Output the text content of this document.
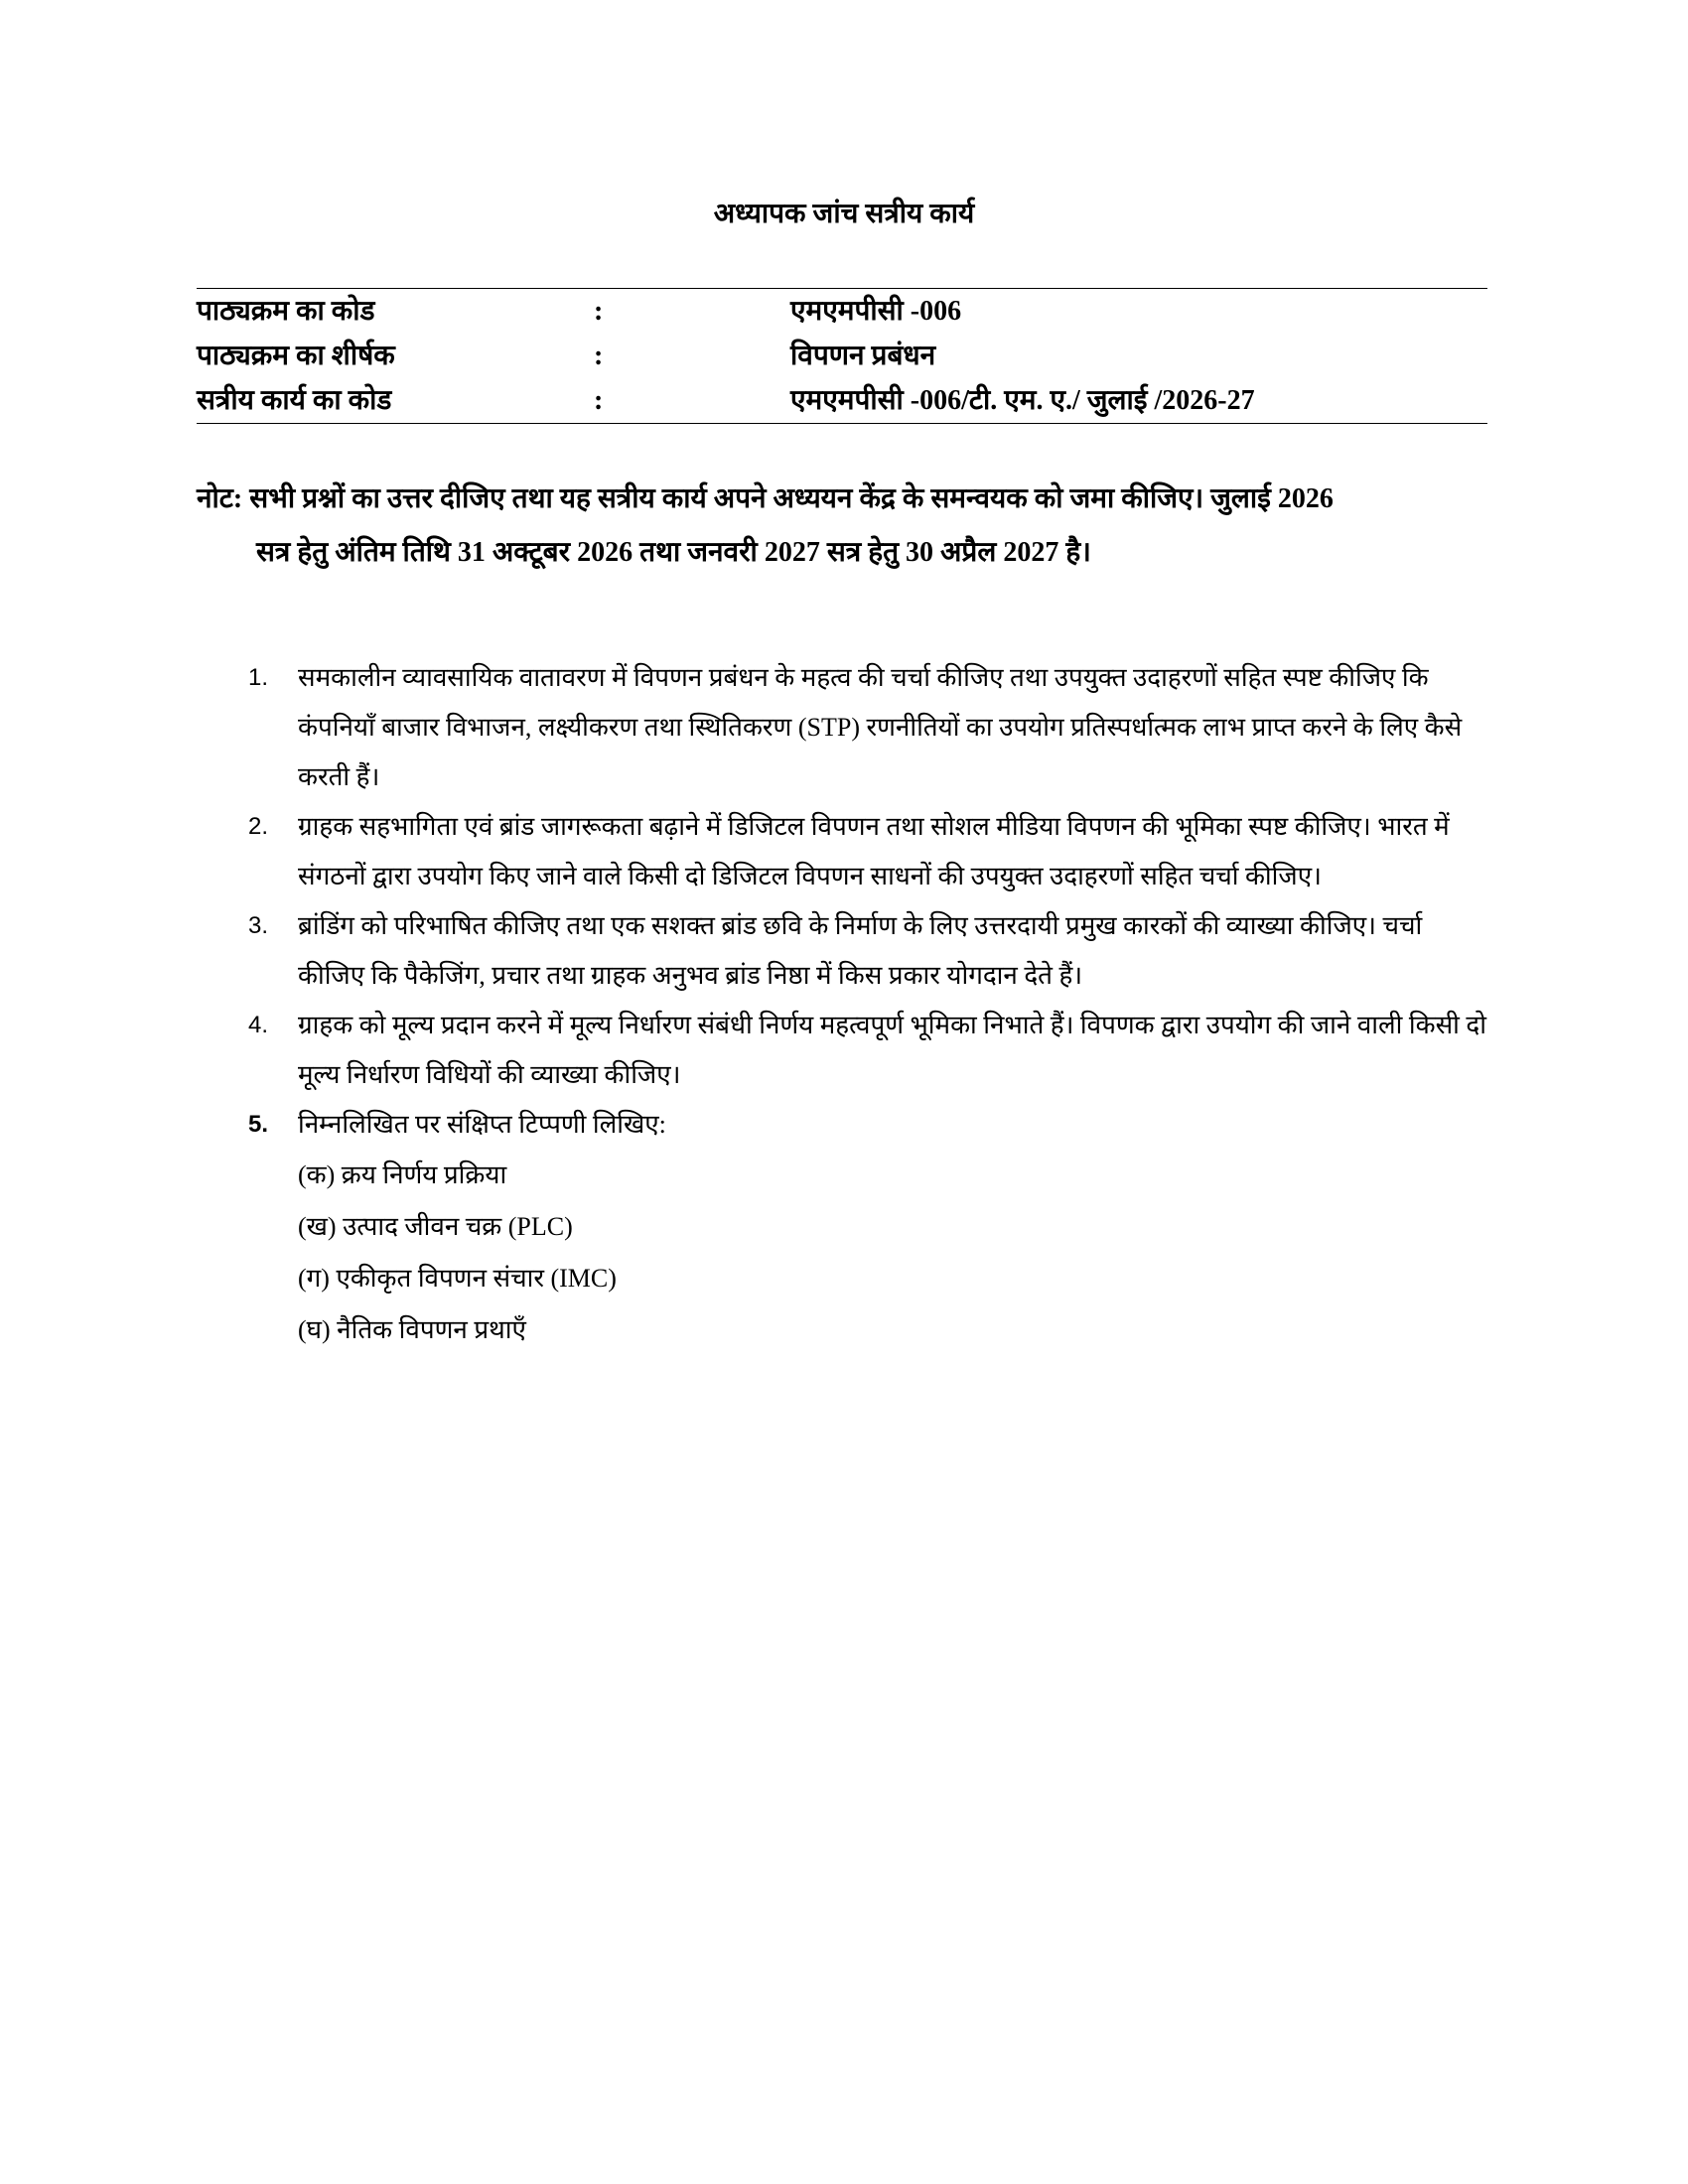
अध्यापक जांच सत्रीय कार्य
पाठ्यक्रम का कोड	:	एमएमपीसी -006
पाठ्यक्रम का शीर्षक	:	विपणन प्रबंधन
सत्रीय कार्य का कोड	:	एमएमपीसी -006/टी. एम. ए./ जुलाई /2026-27
नोट: सभी प्रश्नों का उत्तर दीजिए तथा यह सत्रीय कार्य अपने अध्ययन केंद्र के समन्वयक को जमा कीजिए। जुलाई 2026
सत्र हेतु अंतिम तिथि 31 अक्टूबर 2026 तथा जनवरी 2027 सत्र हेतु 30 अप्रैल 2027 है।
1. समकालीन व्यावसायिक वातावरण में विपणन प्रबंधन के महत्व की चर्चा कीजिए तथा उपयुक्त उदाहरणों सहित स्पष्ट कीजिए कि कंपनियाँ बाजार विभाजन, लक्ष्यीकरण तथा स्थितिकरण (STP) रणनीतियों का उपयोग प्रतिस्पर्धात्मक लाभ प्राप्त करने के लिए कैसे करती हैं।
2. ग्राहक सहभागिता एवं ब्रांड जागरूकता बढ़ाने में डिजिटल विपणन तथा सोशल मीडिया विपणन की भूमिका स्पष्ट कीजिए। भारत में संगठनों द्वारा उपयोग किए जाने वाले किसी दो डिजिटल विपणन साधनों की उपयुक्त उदाहरणों सहित चर्चा कीजिए।
3. ब्रांडिंग को परिभाषित कीजिए तथा एक सशक्त ब्रांड छवि के निर्माण के लिए उत्तरदायी प्रमुख कारकों की व्याख्या कीजिए। चर्चा कीजिए कि पैकेजिंग, प्रचार तथा ग्राहक अनुभव ब्रांड निष्ठा में किस प्रकार योगदान देते हैं।
4. ग्राहक को मूल्य प्रदान करने में मूल्य निर्धारण संबंधी निर्णय महत्वपूर्ण भूमिका निभाते हैं। विपणक द्वारा उपयोग की जाने वाली किसी दो मूल्य निर्धारण विधियों की व्याख्या कीजिए।
5. निम्नलिखित पर संक्षिप्त टिप्पणी लिखिए:
(क) क्रय निर्णय प्रक्रिया
(ख) उत्पाद जीवन चक्र (PLC)
(ग) एकीकृत विपणन संचार (IMC)
(घ) नैतिक विपणन प्रथाएँ
